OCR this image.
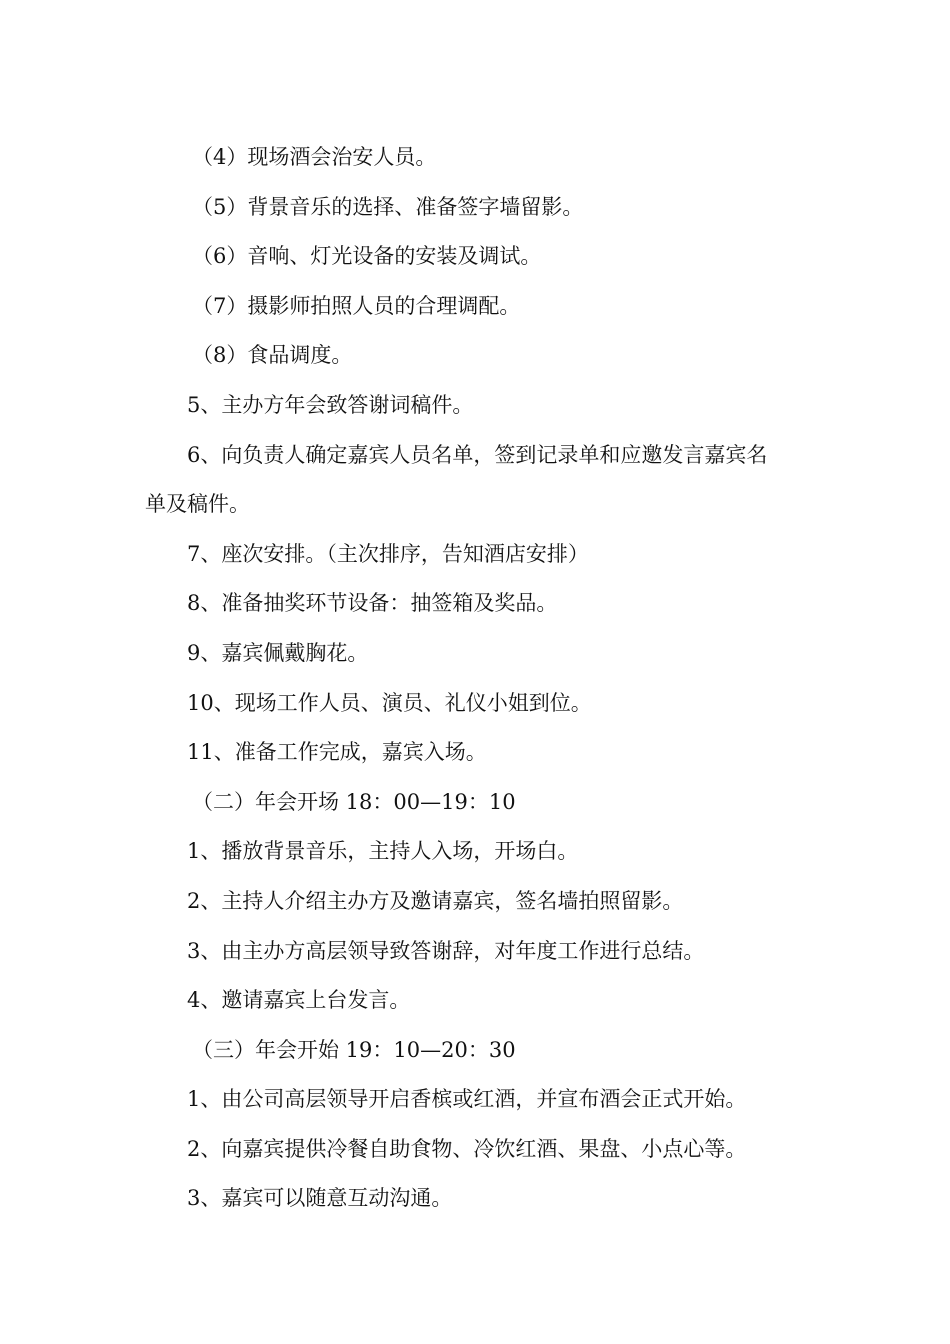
（4）现场酒会治安人员。

（5）背景音乐的选择、准备签字墙留影。

（6）音响、灯光设备的安装及调试。

（7）摄影师拍照人员的合理调配。

（8）食品调度。

5、主办方年会致答谢词稿件。

6、向负责人确定嘉宾人员名单，签到记录单和应邀发言嘉宾名

单及稿件。

7、座次安排。（主次排序，告知酒店安排）

8、准备抽奖环节设备：抽签箱及奖品。

9、嘉宾佩戴胸花。

10、现场工作人员、演员、礼仪小姐到位。

11、准备工作完成，嘉宾入场。

（二）年会开场 18：00—19：10

1、播放背景音乐，主持人入场，开场白。

2、主持人介绍主办方及邀请嘉宾，签名墙拍照留影。

3、由主办方高层领导致答谢辞，对年度工作进行总结。

4、邀请嘉宾上台发言。

（三）年会开始 19：10—20：30

1、由公司高层领导开启香槟或红酒，并宣布酒会正式开始。

2、向嘉宾提供冷餐自助食物、冷饮红酒、果盘、小点心等。

3、嘉宾可以随意互动沟通。
